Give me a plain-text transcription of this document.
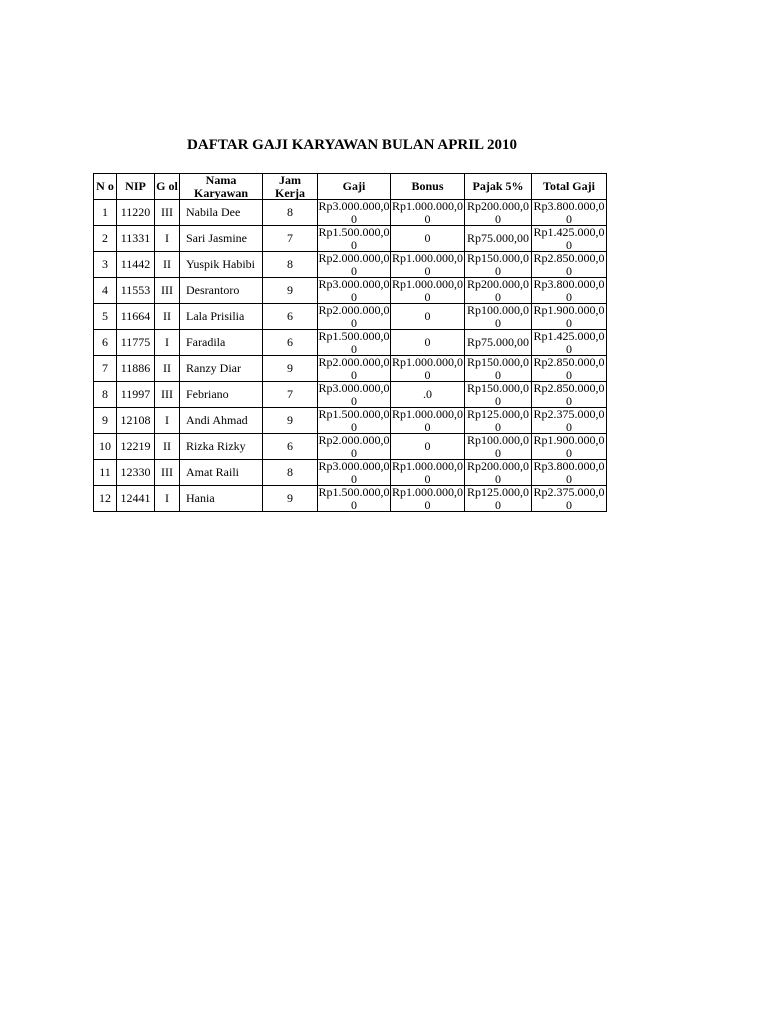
DAFTAR GAJI KARYAWAN BULAN APRIL 2010
N o	NIP	G ol	Nama Karyawan	Jam Kerja	Gaji	Bonus	Pajak 5%	Total Gaji
1	11220	III	Nabila Dee	8	Rp3.000.000,00	Rp1.000.000,00	Rp200.000,00	Rp3.800.000,00
2	11331	I	Sari Jasmine	7	Rp1.500.000,00	0	Rp75.000,00	Rp1.425.000,00
3	11442	II	Yuspik Habibi	8	Rp2.000.000,00	Rp1.000.000,00	Rp150.000,00	Rp2.850.000,00
4	11553	III	Desrantoro	9	Rp3.000.000,00	Rp1.000.000,00	Rp200.000,00	Rp3.800.000,00
5	11664	II	Lala Prisilia	6	Rp2.000.000,00	0	Rp100.000,00	Rp1.900.000,00
6	11775	I	Faradila	6	Rp1.500.000,00	0	Rp75.000,00	Rp1.425.000,00
7	11886	II	Ranzy Diar	9	Rp2.000.000,00	Rp1.000.000,00	Rp150.000,00	Rp2.850.000,00
8	11997	III	Febriano	7	Rp3.000.000,00	.0	Rp150.000,00	Rp2.850.000,00
9	12108	I	Andi Ahmad	9	Rp1.500.000,00	Rp1.000.000,00	Rp125.000,00	Rp2.375.000,00
10	12219	II	Rizka Rizky	6	Rp2.000.000,00	0	Rp100.000,00	Rp1.900.000,00
11	12330	III	Amat Raili	8	Rp3.000.000,00	Rp1.000.000,00	Rp200.000,00	Rp3.800.000,00
12	12441	I	Hania	9	Rp1.500.000,00	Rp1.000.000,00	Rp125.000,00	Rp2.375.000,00
